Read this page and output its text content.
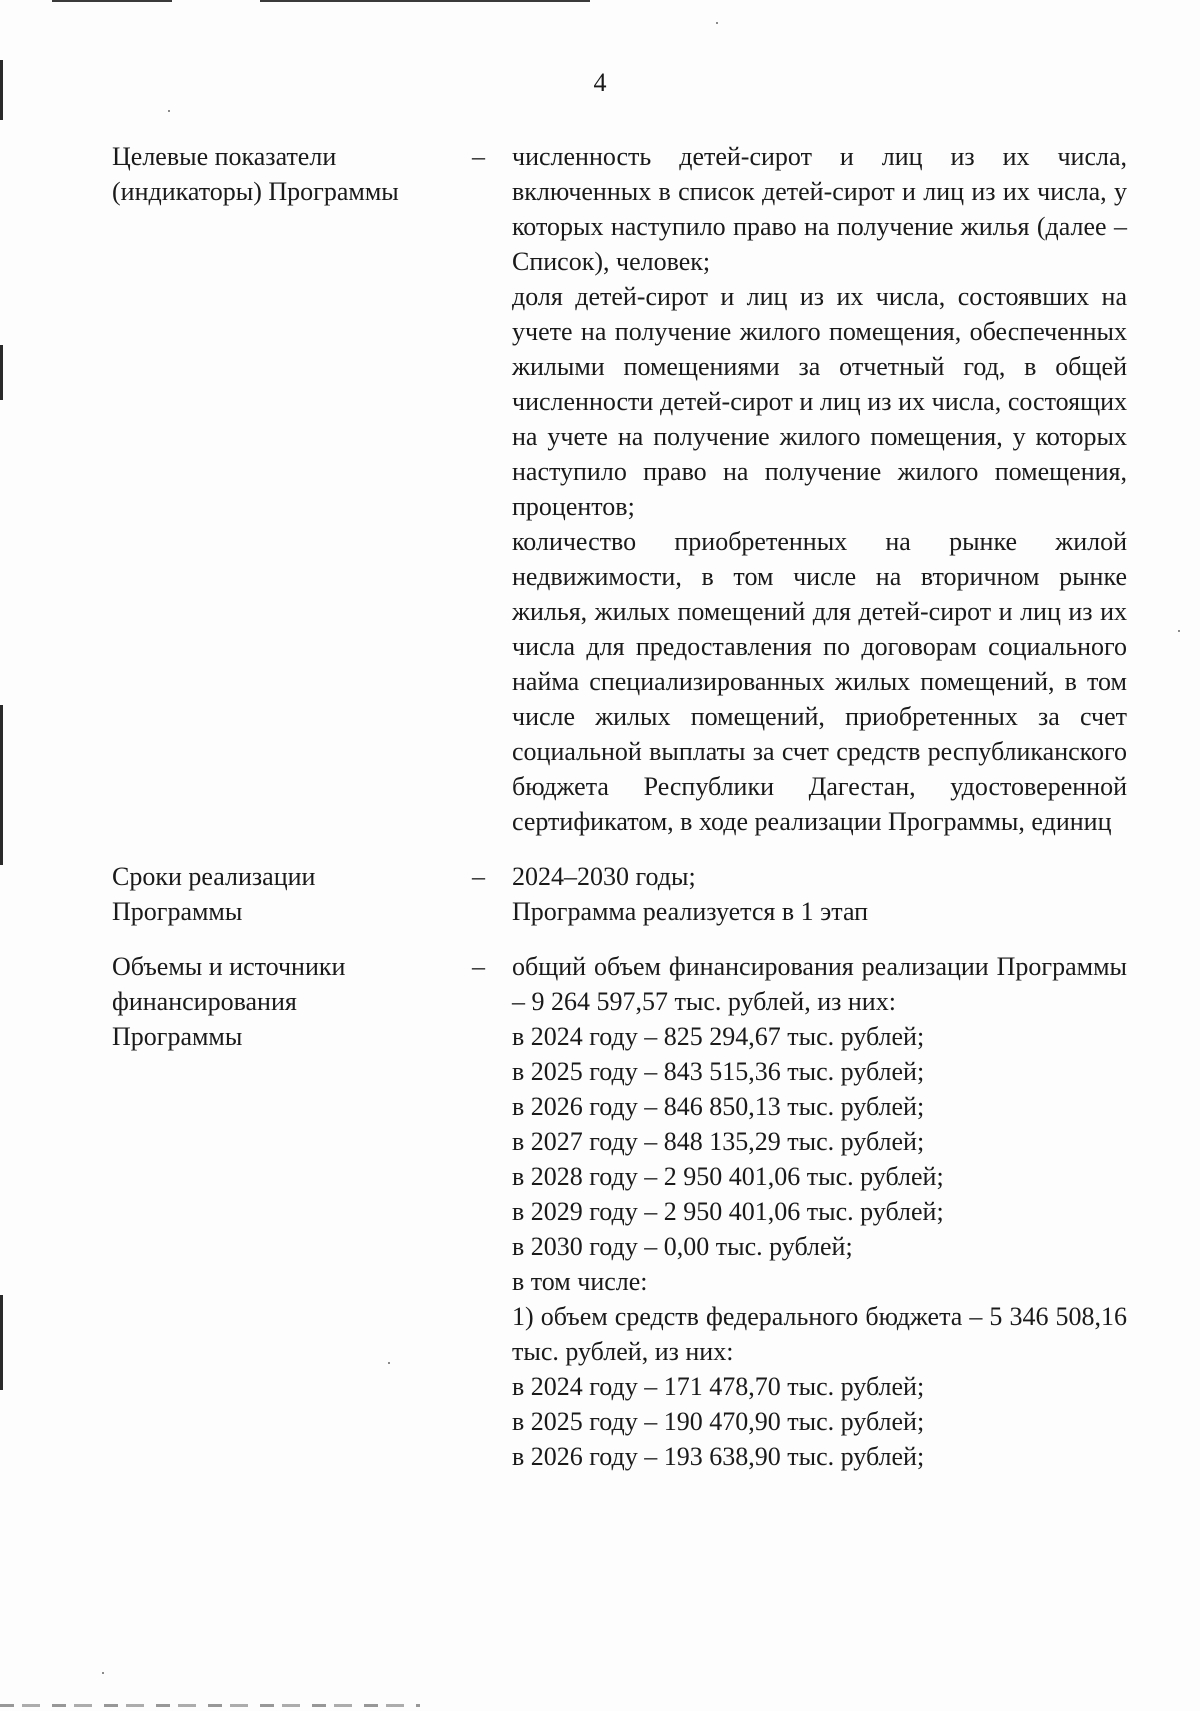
4
Целевые показатели
(индикаторы) Программы
–	численность детей-сирот и лиц из их числа, включенных в список детей-сирот и лиц из их числа, у которых наступило право на получение жилья (далее – Список), человек;
доля детей-сирот и лиц из их числа, состоявших на учете на получение жилого помещения, обеспеченных жилыми помещениями за отчетный год, в общей численности детей-сирот и лиц из их числа, состоящих на учете на получение жилого помещения, у которых наступило право на получение жилого помещения, процентов;
количество приобретенных на рынке жилой недвижимости, в том числе на вторичном рынке жилья, жилых помещений для детей-сирот и лиц из их числа для предоставления по договорам социального найма специализированных жилых помещений, в том числе жилых помещений, приобретенных за счет социальной выплаты за счет средств республиканского бюджета Республики Дагестан, удостоверенной сертификатом, в ходе реализации Программы, единиц
Сроки реализации
Программы
–	2024–2030 годы;
Программа реализуется в 1 этап
Объемы и источники
финансирования
Программы
–	общий объем финансирования реализации Программы – 9 264 597,57 тыс. рублей, из них:
в 2024 году – 825 294,67 тыс. рублей;
в 2025 году – 843 515,36 тыс. рублей;
в 2026 году – 846 850,13 тыс. рублей;
в 2027 году – 848 135,29 тыс. рублей;
в 2028 году – 2 950 401,06 тыс. рублей;
в 2029 году – 2 950 401,06 тыс. рублей;
в 2030 году – 0,00 тыс. рублей;
в том числе:
1) объем средств федерального бюджета – 5 346 508,16 тыс. рублей, из них:
в 2024 году – 171 478,70 тыс. рублей;
в 2025 году – 190 470,90 тыс. рублей;
в 2026 году – 193 638,90 тыс. рублей;
